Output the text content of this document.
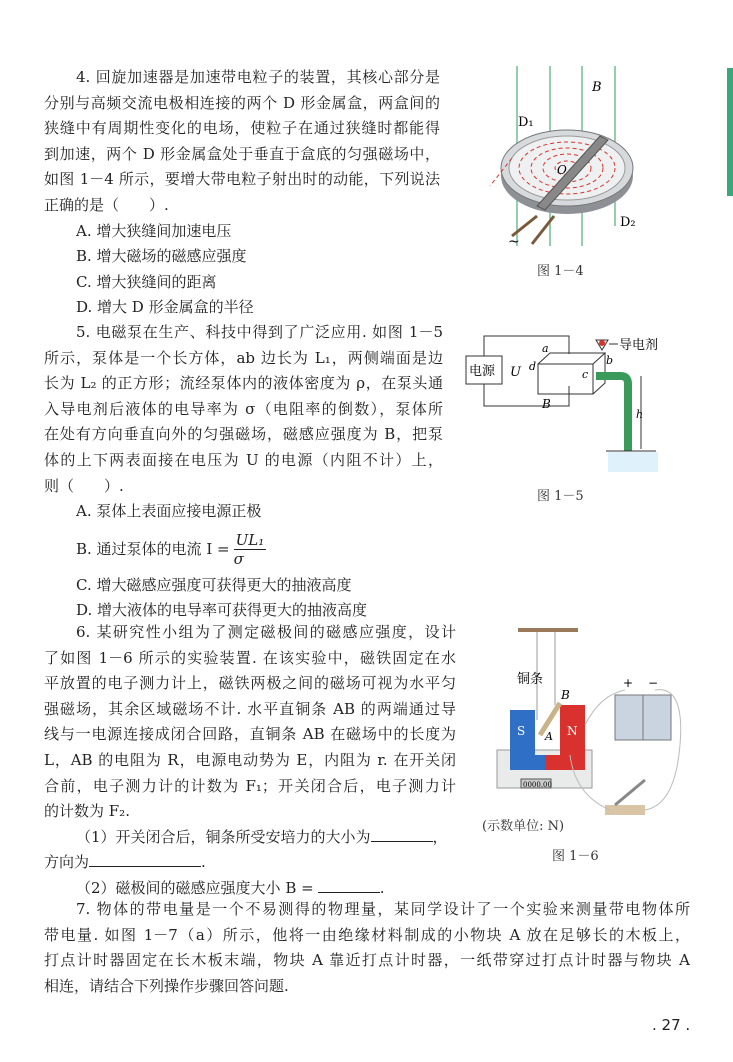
4. 回旋加速器是加速带电粒子的装置，其核心部分是
分别与高频交流电极相连接的两个 D 形金属盒，两盒间的
狭缝中有周期性变化的电场，使粒子在通过狭缝时都能得
到加速，两个 D 形金属盒处于垂直于盒底的匀强磁场中，
如图 1－4 所示，要增大带电粒子射出时的动能，下列说法
正确的是（　　）.
A. 增大狭缝间加速电压
B. 增大磁场的磁感应强度
C. 增大狭缝间的距离
D. 增大 D 形金属盒的半径
5. 电磁泵在生产、科技中得到了广泛应用. 如图 1－5
所示，泵体是一个长方体，ab 边长为 L₁，两侧端面是边
长为 L₂ 的正方形；流经泵体内的液体密度为 ρ，在泵头通
入导电剂后液体的电导率为 σ（电阻率的倒数），泵体所
在处有方向垂直向外的匀强磁场，磁感应强度为 B，把泵
体的上下两表面接在电压为 U 的电源（内阻不计）上，
则（　　）.
A. 泵体上表面应接电源正极
B. 通过泵体的电流 $I = \frac{\text{UL₁}}{\sigma}$
C. 增大磁感应强度可获得更大的抽液高度
D. 增大液体的电导率可获得更大的抽液高度
6. 某研究性小组为了测定磁极间的磁感应强度，设计
了如图 1－6 所示的实验装置. 在该实验中，磁铁固定在水
平放置的电子测力计上，磁铁两极之间的磁场可视为水平匀
强磁场，其余区域磁场不计. 水平直铜条 AB 的两端通过导
线与一电源连接成闭合回路，直铜条 AB 在磁场中的长度为
L，AB 的电阻为 R，电源电动势为 E，内阻为 r. 在开关闭
合前，电子测力计的计数为 F₁；开关闭合后，电子测力计
的计数为 F₂.
（1）开关闭合后，铜条所受安培力的大小为	，
方向为	.
（2）磁极间的磁感应强度大小 B =	.
7. 物体的带电量是一个不易测得的物理量，某同学设计了一个实验来测量带电物体所
带电量. 如图 1－7（a）所示，他将一由绝缘材料制成的小物块 A 放在足够长的木板上，
打点计时器固定在长木板末端，物块 A 靠近打点计时器，一纸带穿过打点计时器与物块 A
相连，请结合下列操作步骤回答问题.
B
D₁
D₂
O
~
图 1－4
电源 U
a
b
c
d
B
导电剂
h
图 1－5
0000.00
S	N
铜条
B
A
+ −
(示数单位: N)
图 1－6
. 27 .
